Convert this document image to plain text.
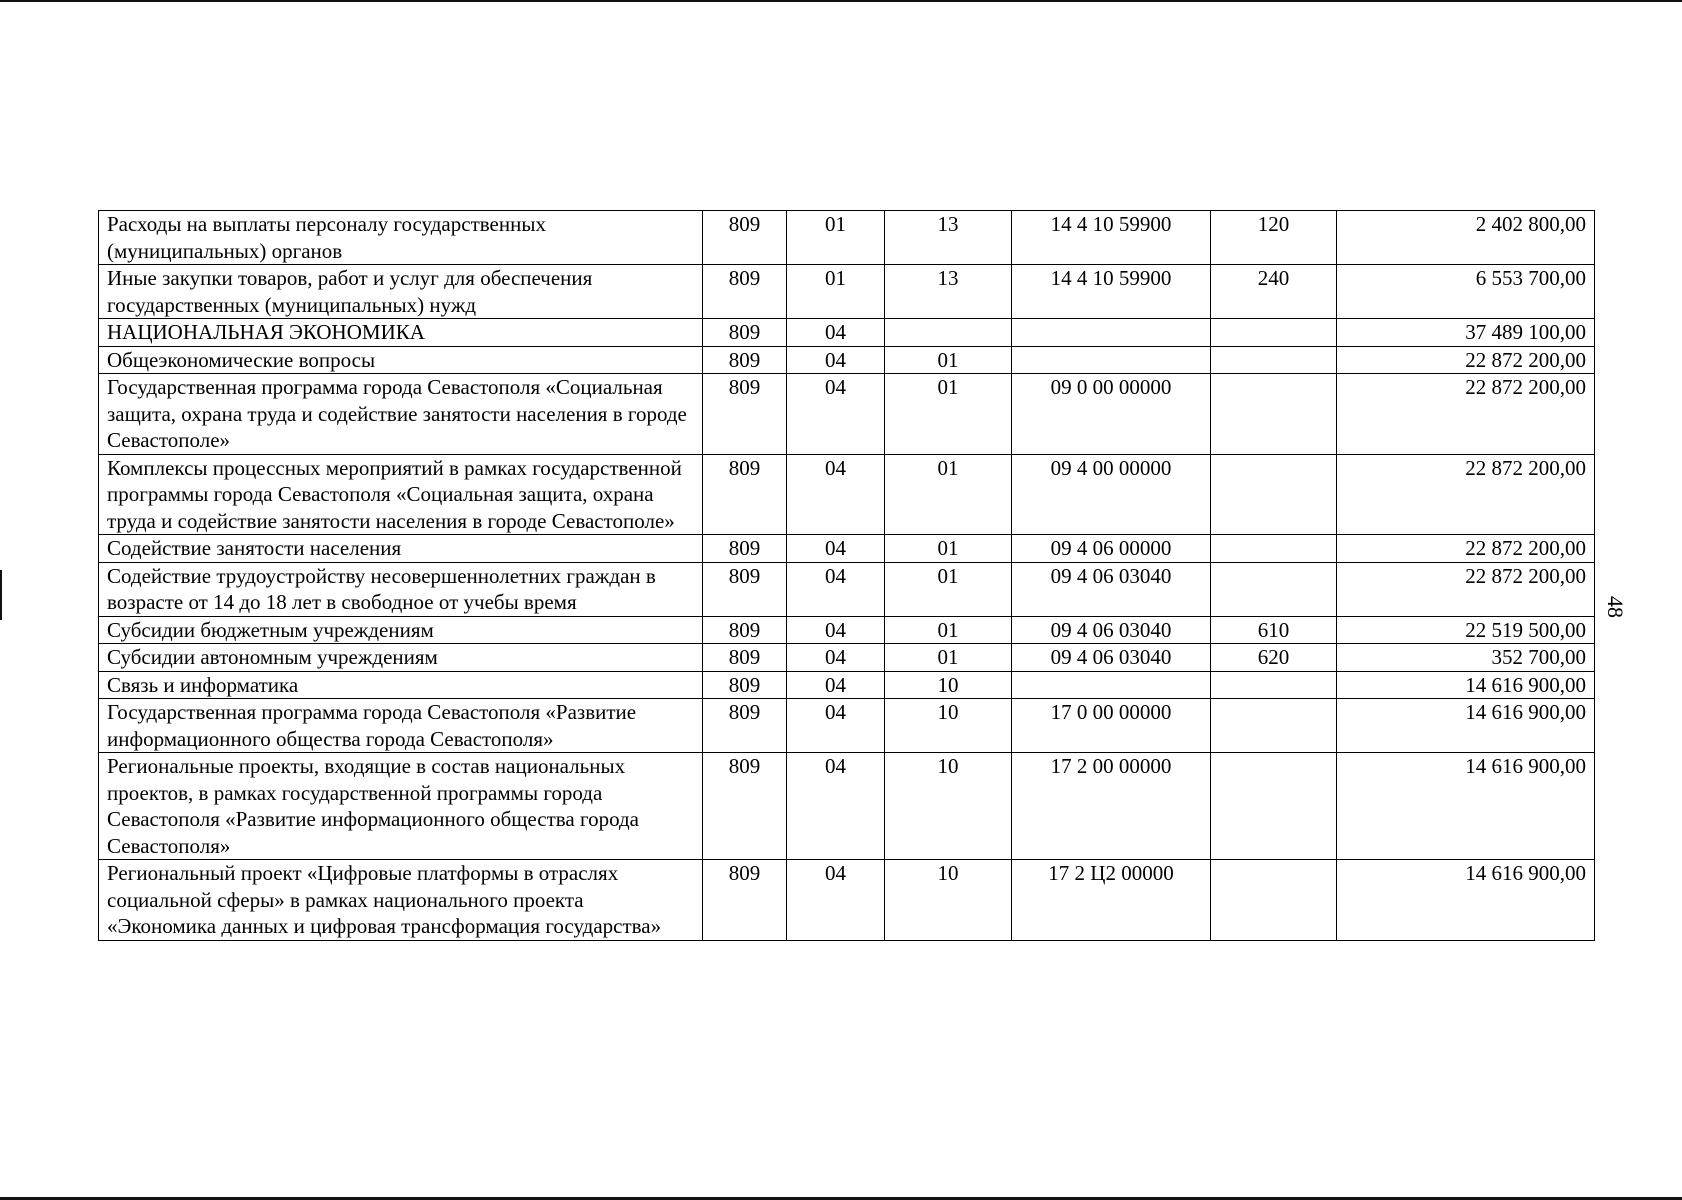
Расходы на выплаты персоналу государственных (муниципальных) органов	809	01	13	14 4 10 59900	120	2 402 800,00
Иные закупки товаров, работ и услуг для обеспечения государственных (муниципальных) нужд	809	01	13	14 4 10 59900	240	6 553 700,00
НАЦИОНАЛЬНАЯ ЭКОНОМИКА	809	04				37 489 100,00
Общеэкономические вопросы	809	04	01			22 872 200,00
Государственная программа города Севастополя «Социальная защита, охрана труда и содействие занятости населения в городе Севастополе»	809	04	01	09 0 00 00000		22 872 200,00
Комплексы процессных мероприятий в рамках государственной программы города Севастополя «Социальная защита, охрана труда и содействие занятости населения в городе Севастополе»	809	04	01	09 4 00 00000		22 872 200,00
Содействие занятости населения	809	04	01	09 4 06 00000		22 872 200,00
Содействие трудоустройству несовершеннолетних граждан в возрасте от 14 до 18 лет в свободное от учебы время	809	04	01	09 4 06 03040		22 872 200,00
Субсидии бюджетным учреждениям	809	04	01	09 4 06 03040	610	22 519 500,00
Субсидии автономным учреждениям	809	04	01	09 4 06 03040	620	352 700,00
Связь и информатика	809	04	10			14 616 900,00
Государственная программа города Севастополя «Развитие информационного общества города Севастополя»	809	04	10	17 0 00 00000		14 616 900,00
Региональные проекты, входящие в состав национальных проектов, в рамках государственной программы города Севастополя «Развитие информационного общества города Севастополя»	809	04	10	17 2 00 00000		14 616 900,00
Региональный проект «Цифровые платформы в отраслях социальной сферы» в рамках национального проекта «Экономика данных и цифровая трансформация государства»	809	04	10	17 2 Ц2 00000		14 616 900,00
48
